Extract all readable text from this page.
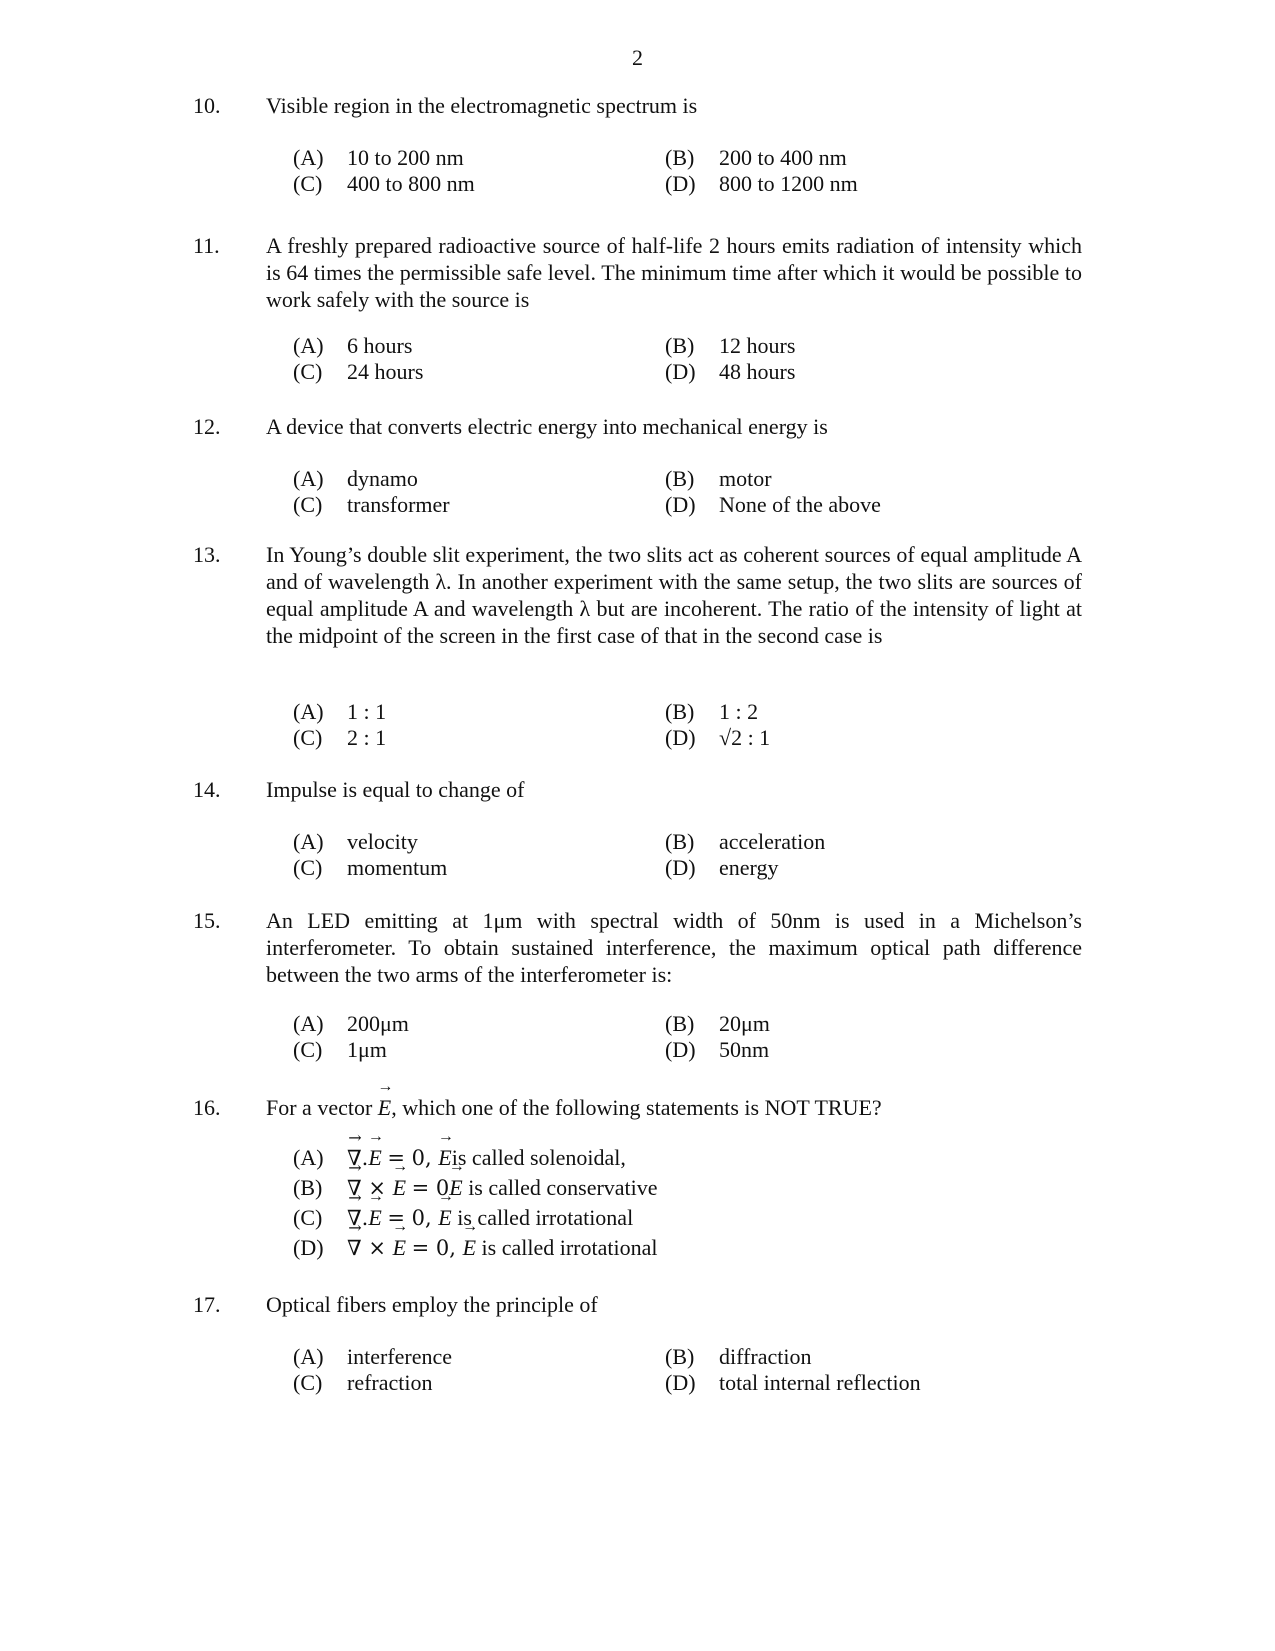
2
10. Visible region in the electromagnetic spectrum is
(A) 10 to 200 nm	(B) 200 to 400 nm
(C) 400 to 800 nm	(D) 800 to 1200 nm
11. A freshly prepared radioactive source of half-life 2 hours emits radiation of intensity which is 64 times the permissible safe level. The minimum time after which it would be possible to work safely with the source is
(A) 6 hours	(B) 12 hours
(C) 24 hours	(D) 48 hours
12. A device that converts electric energy into mechanical energy is
(A) dynamo	(B) motor
(C) transformer	(D) None of the above
13. In Young’s double slit experiment, the two slits act as coherent sources of equal amplitude A and of wavelength λ. In another experiment with the same setup, the two slits are sources of equal amplitude A and wavelength λ but are incoherent. The ratio of the intensity of light at the midpoint of the screen in the first case of that in the second case is
(A) 1 : 1	(B) 1 : 2
(C) 2 : 1	(D) √2 : 1
14. Impulse is equal to change of
(A) velocity	(B) acceleration
(C) momentum	(D) energy
15. An LED emitting at 1μm with spectral width of 50nm is used in a Michelson’s interferometer. To obtain sustained interference, the maximum optical path difference between the two arms of the interferometer is:
(A) 200μm	(B) 20μm
(C) 1μm	(D) 50nm
16. For a vector → E, which one of the following statements is NOT TRUE?
(A) → ∇.→ E = 0, → Eis called solenoidal,
(B) → ∇ × → E = 0→ E is called conservative
(C) → ∇.→ E = 0, → E is called irrotational
(D) → ∇ × → E = 0, → E is called irrotational
17. Optical fibers employ the principle of
(A) interference	(B) diffraction
(C) refraction	(D) total internal reflection
